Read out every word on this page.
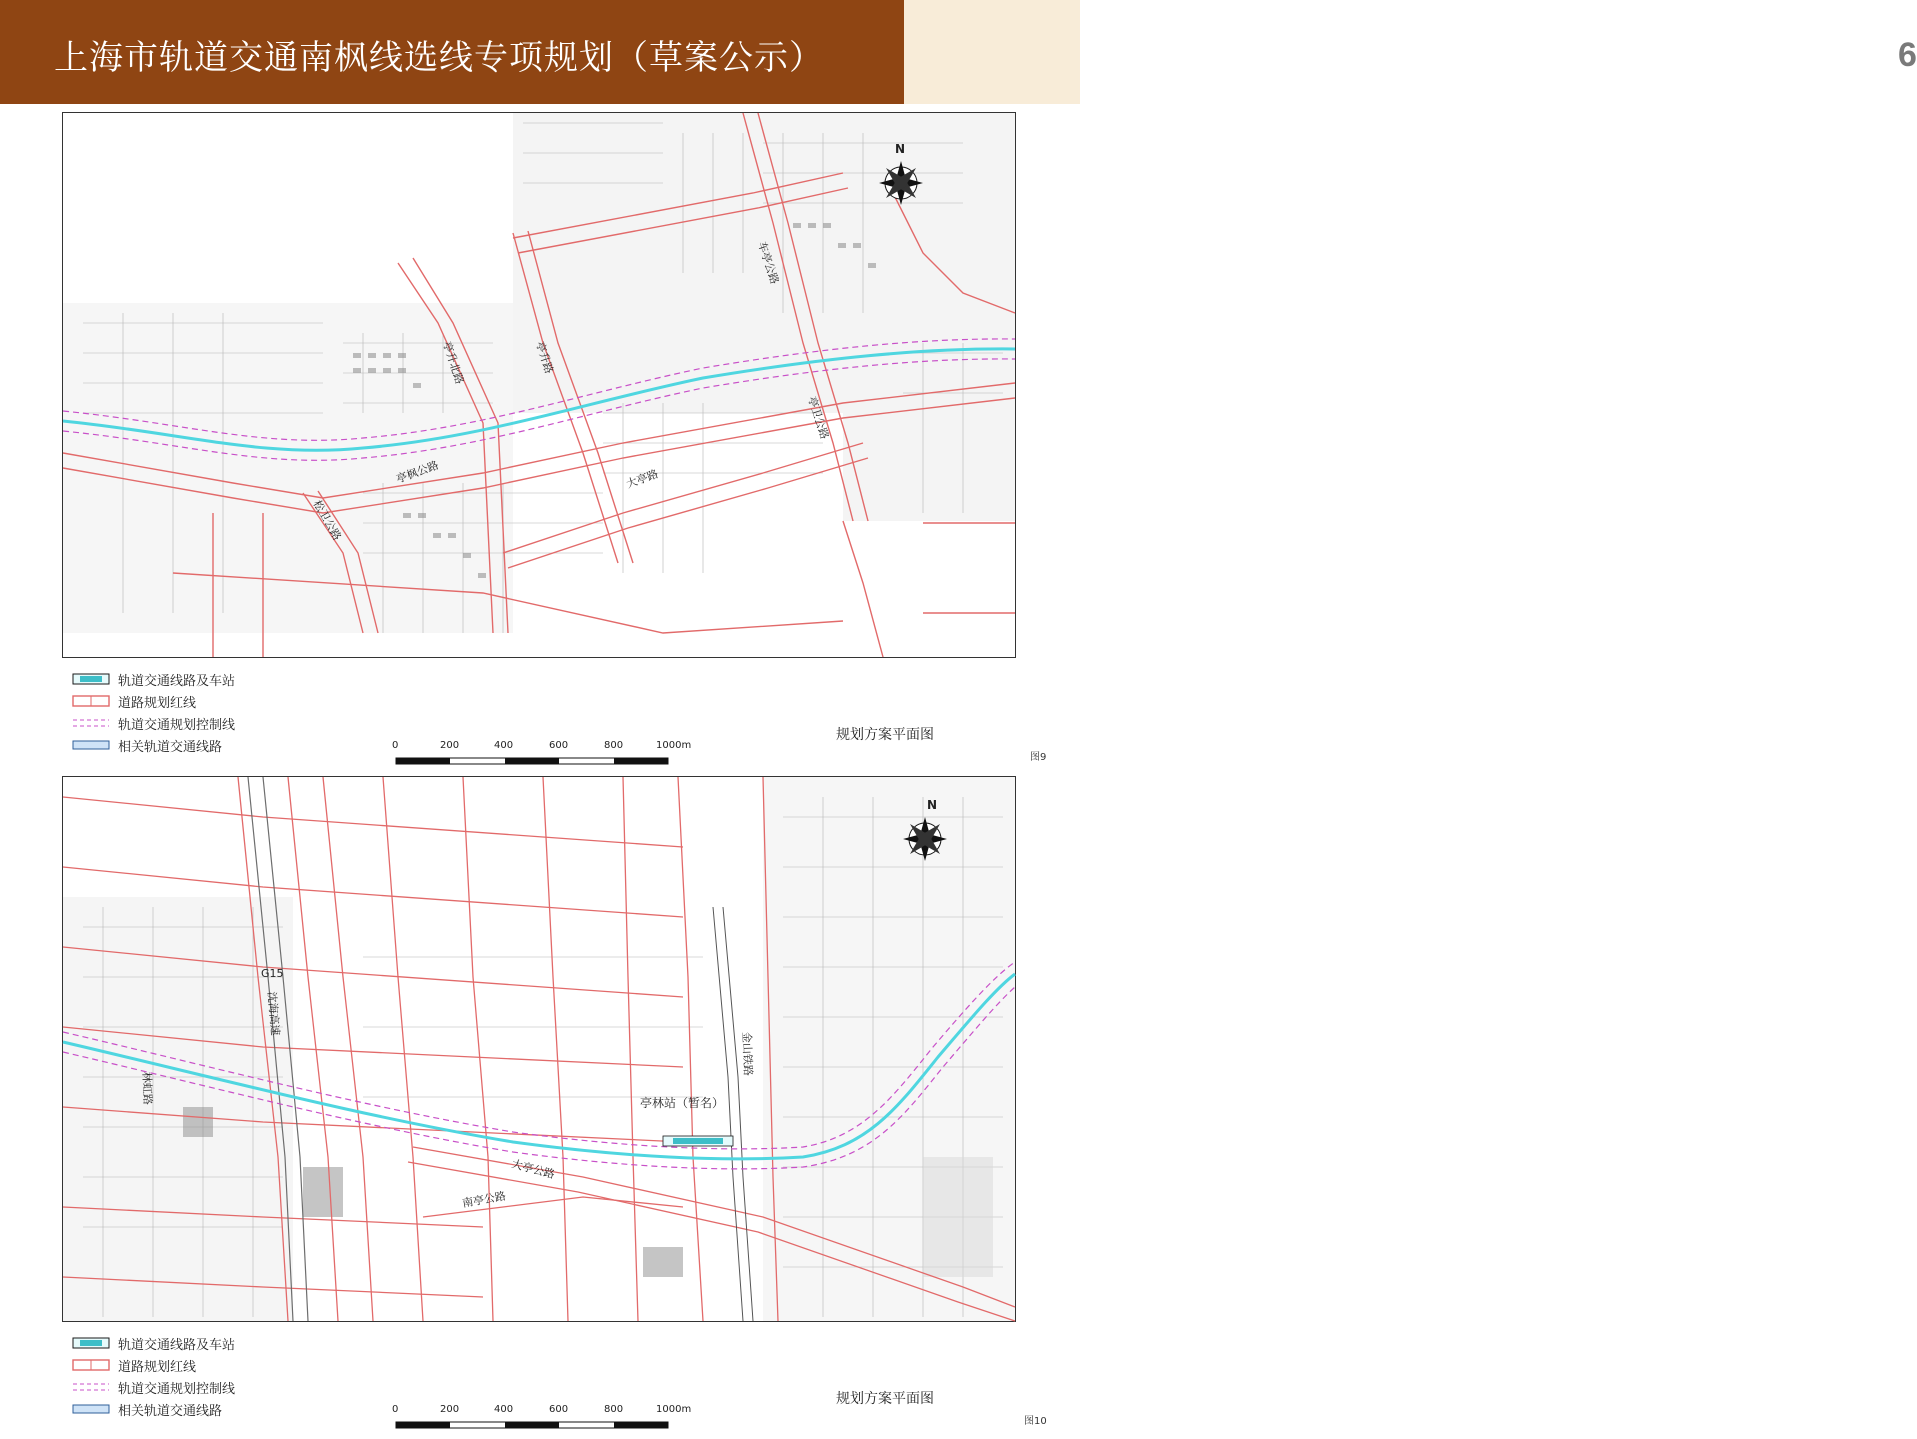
上海市轨道交通南枫线选线专项规划（草案公示）	6
车亭公路
亭卫公路
亭升北路	亭升路
松卫公路
亭枫公路	大亭路
N
轨道交通线路及车站
道路规划红线
轨道交通规划控制线
相关轨道交通线路	0	200	400	600	800	1000m
规划方案平面图
图9
G15
沈海高速
金山铁路
亭林站（暂名）
大亭公路
南亭公路
林虹路
N
轨道交通线路及车站
道路规划红线
轨道交通规划控制线
相关轨道交通线路	0	200	400	600	800	1000m
规划方案平面图
图10
